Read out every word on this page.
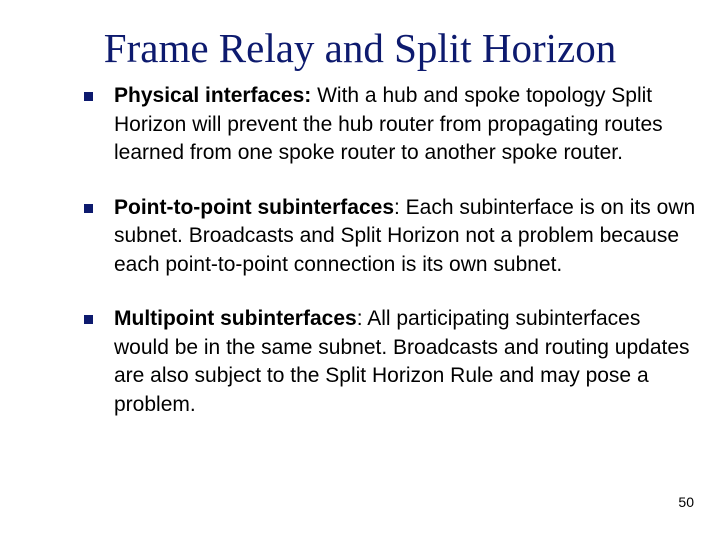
Frame Relay and Split Horizon
Physical interfaces: With a hub and spoke topology Split Horizon will prevent the hub router from propagating routes learned from one spoke router to another spoke router.
Point-to-point subinterfaces: Each subinterface is on its own subnet. Broadcasts and Split Horizon not a problem because each point-to-point connection is its own subnet.
Multipoint subinterfaces: All participating subinterfaces would be in the same subnet. Broadcasts and routing updates are also subject to the Split Horizon Rule and may pose a problem.
50
